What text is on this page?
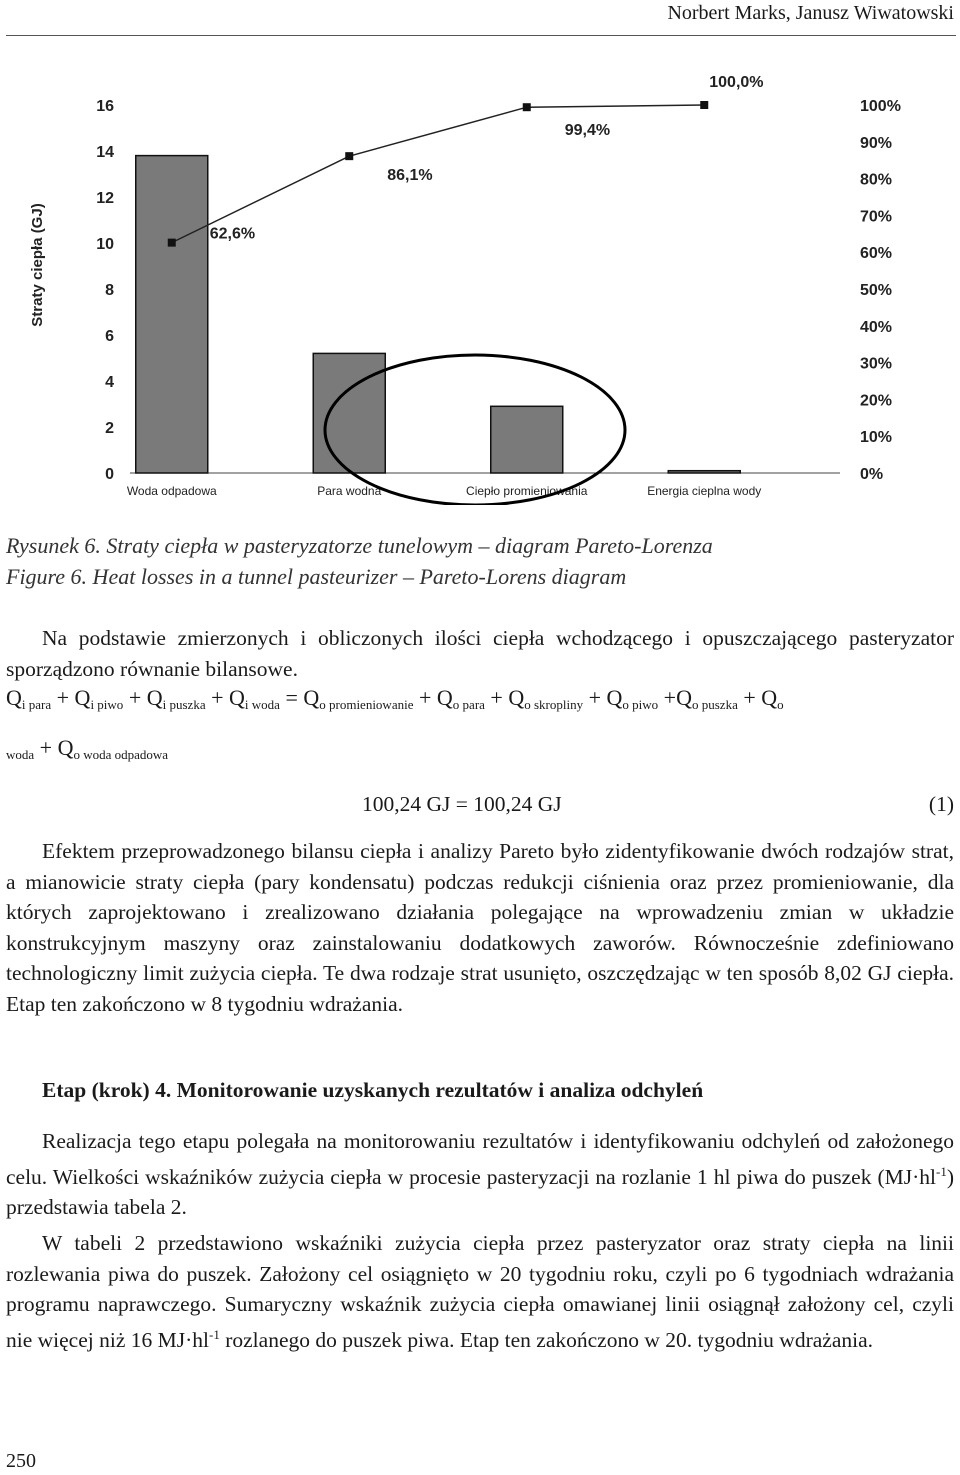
Norbert Marks, Janusz Wiwatowski
0
2
4
6
8
10
12
14
16
0%
10%
20%
30%
40%
50%
60%
70%
80%
90%
100%
Woda odpadowa	Para wodna	Ciepło promieniowania	Energia cieplna wody
62,6%
86,1%
99,4%
100,0%
Straty ciepła (GJ)
Rysunek 6. Straty ciepła w pasteryzatorze tunelowym – diagram Pareto-Lorenza
Figure 6. Heat losses in a tunnel pasteurizer – Pareto-Lorens diagram
Na podstawie zmierzonych i obliczonych ilości ciepła wchodzącego i opuszczającego pasteryzator sporządzono równanie bilansowe.
$Q_{i para} + Q_{i piwo} + Q_{i puszka} + Q_{i woda} = Q_{o promieniowanie} + Q_{o para} + Q_{o skropliny} + Q_{o piwo} +Q_{o puszka} + Q_o$
$_{woda} + Q_{o woda odpadowa}$
100,24 GJ = 100,24 GJ	(1)
Efektem przeprowadzonego bilansu ciepła i analizy Pareto było zidentyfikowanie dwóch rodzajów strat, a mianowicie straty ciepła (pary kondensatu) podczas redukcji ciśnienia oraz przez promieniowanie, dla których zaprojektowano i zrealizowano działania polegające na wprowadzeniu zmian w układzie konstrukcyjnym maszyny oraz zainstalowaniu dodatkowych zaworów. Równocześnie zdefiniowano technologiczny limit zużycia ciepła. Te dwa rodzaje strat usunięto, oszczędzając w ten sposób 8,02 GJ ciepła. Etap ten zakończono w 8 tygodniu wdrażania.
Etap (krok) 4. Monitorowanie uzyskanych rezultatów i analiza odchyleń
Realizacja tego etapu polegała na monitorowaniu rezultatów i identyfikowaniu odchyleń od założonego celu. Wielkości wskaźników zużycia ciepła w procesie pasteryzacji na rozlanie 1 hl piwa do puszek $(MJ\cdot hl^{-1})$ przedstawia tabela 2.
W tabeli 2 przedstawiono wskaźniki zużycia ciepła przez pasteryzator oraz straty ciepła na linii rozlewania piwa do puszek. Założony cel osiągnięto w 20 tygodniu roku, czyli po 6 tygodniach wdrażania programu naprawczego. Sumaryczny wskaźnik zużycia ciepła omawianej linii osiągnął założony cel, czyli nie więcej niż 16 $MJ\cdot hl^{-1}$ rozlanego do puszek piwa. Etap ten zakończono w 20. tygodniu wdrażania.
250
